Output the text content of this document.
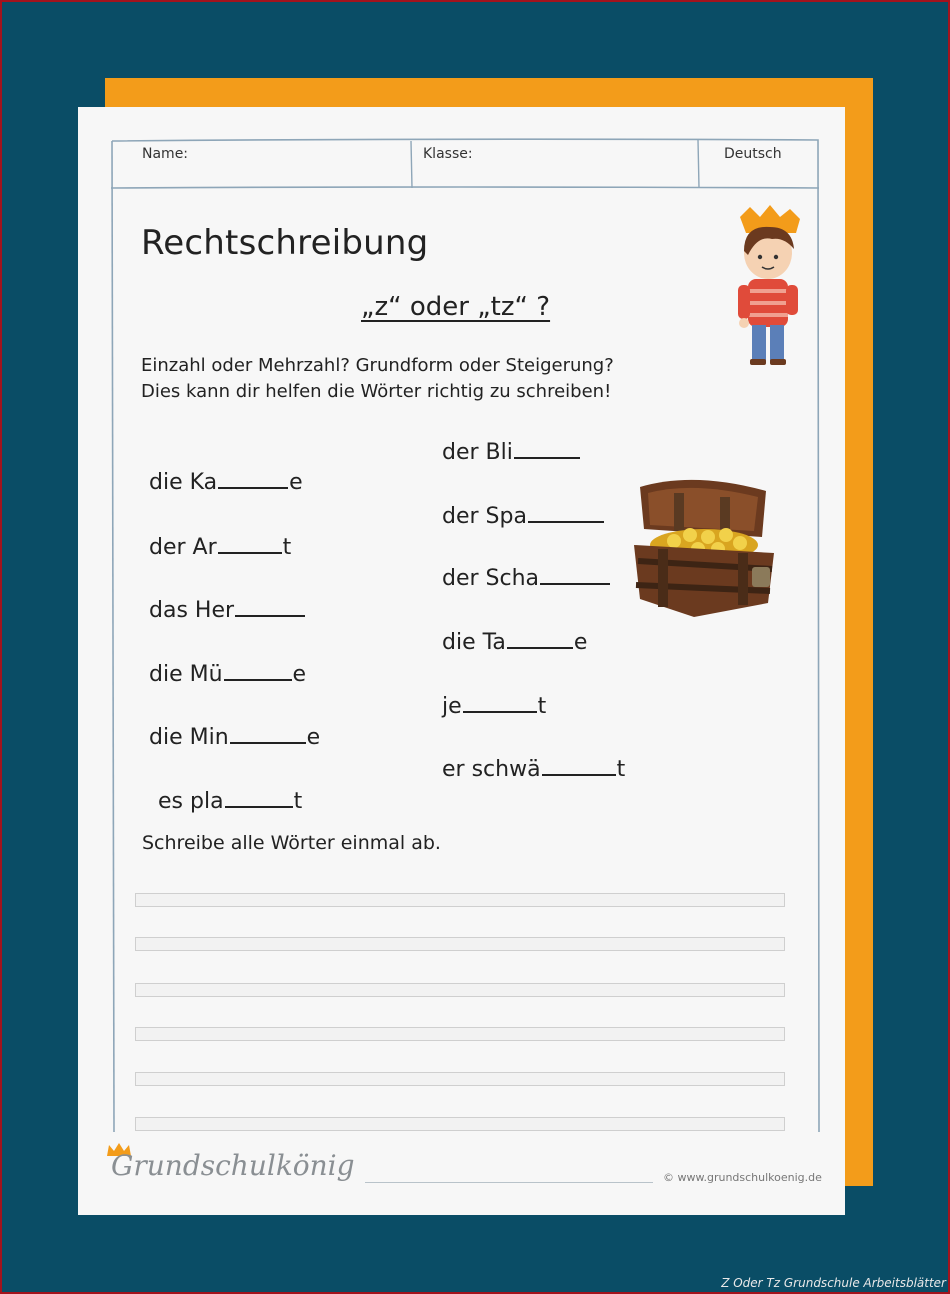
Name:	Klasse:	Deutsch
Rechtschreibung
„z“ oder „tz“ ?
Einzahl oder Mehrzahl? Grundform oder Steigerung?
Dies kann dir helfen die Wörter richtig zu schreiben!
die Ka	e
der Ar	t
das Her
die Mü	e
die Min	e
es pla	t
der Bli
der Spa
der Scha
die Ta	e
je	t
er schwä	t
Schreibe alle Wörter einmal ab.
Grundschulkönig	© www.grundschulkoenig.de
Z Oder Tz Grundschule Arbeitsblätter
